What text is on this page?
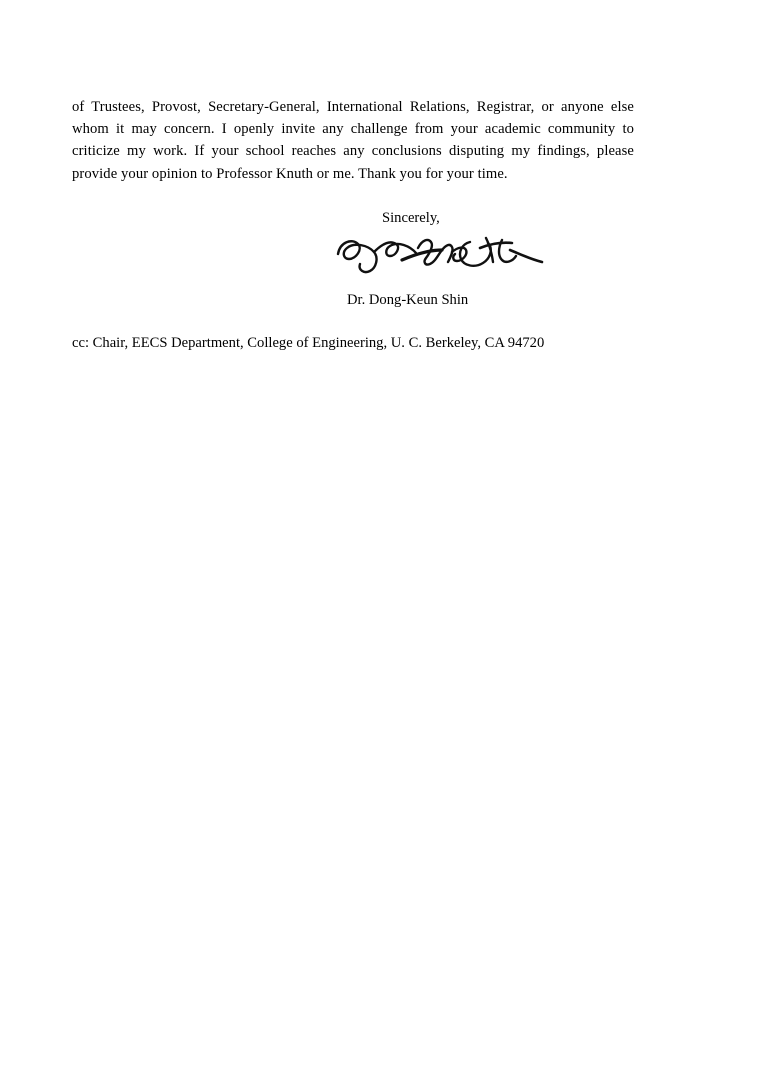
of Trustees, Provost, Secretary-General, International Relations, Registrar, or anyone else whom it may concern. I openly invite any challenge from your academic community to criticize my work. If your school reaches any conclusions disputing my findings, please provide your opinion to Professor Knuth or me. Thank you for your time.

Sincerely,

Dr. Dong-Keun Shin
cc: Chair, EECS Department, College of Engineering, U. C. Berkeley, CA 94720
